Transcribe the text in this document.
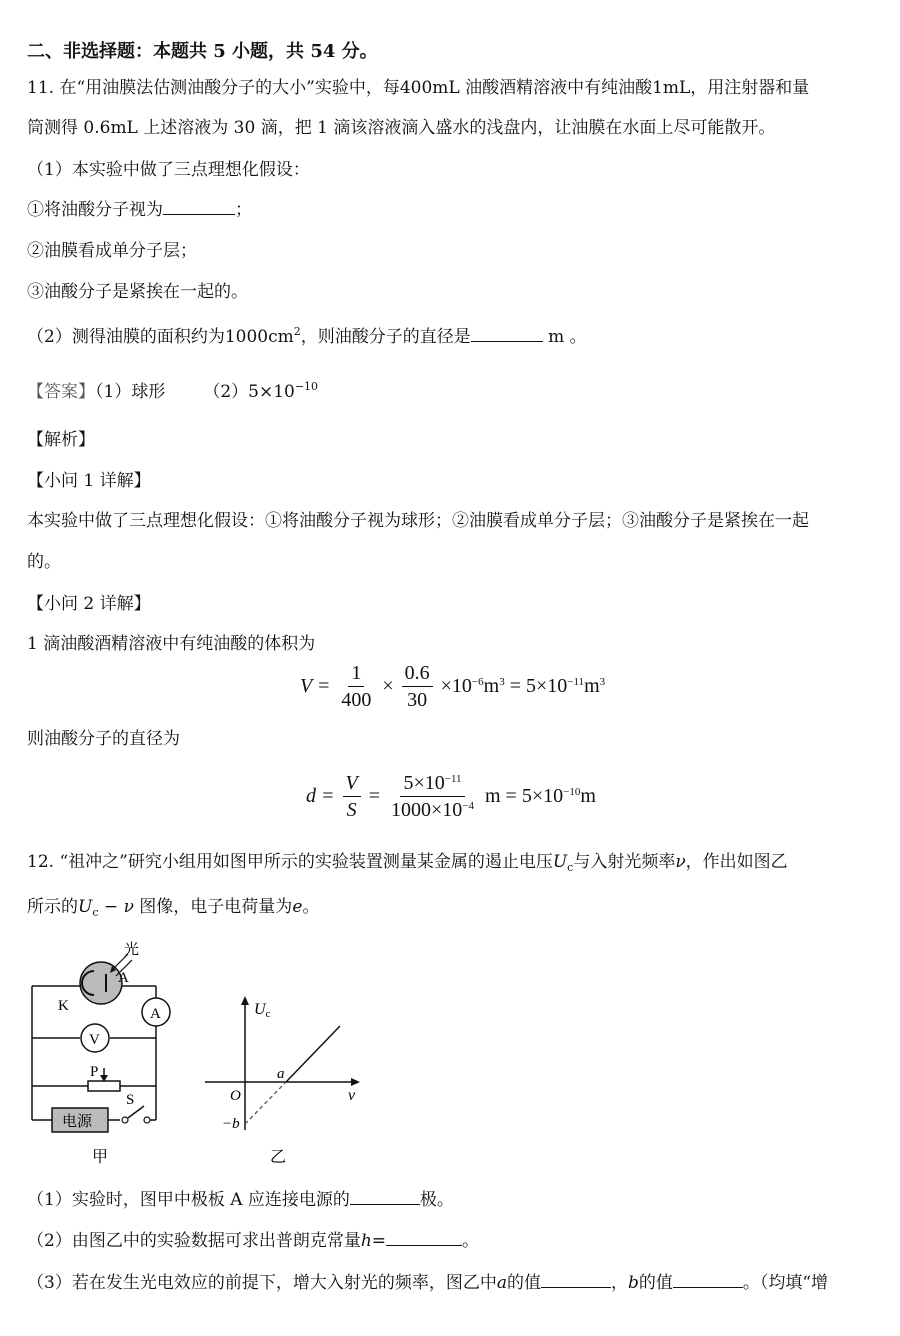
二、非选择题：本题共 5 小题，共 54 分。
11. 在“用油膜法估测油酸分子的大小”实验中，每400mL 油酸酒精溶液中有纯油酸1mL，用注射器和量
筒测得 0.6mL 上述溶液为 30 滴，把 1 滴该溶液滴入盛水的浅盘内，让油膜在水面上尽可能散开。
（1）本实验中做了三点理想化假设：
①将油酸分子视为	；
②油膜看成单分子层；
③油酸分子是紧挨在一起的。
（2）测得油膜的面积约为$1000cm^2$，则油酸分子的直径是	m 。
【答案】（1）球形 $(2)5\times 10^{-10}$
【解析】
【小问 1 详解】
本实验中做了三点理想化假设：①将油酸分子视为球形；②油膜看成单分子层；③油酸分子是紧挨在一起
的。
【小问 2 详解】
1 滴油酸酒精溶液中有纯油酸的体积为
$V = \frac{1}{400} \times \frac{0.6}{30} \times 10^{-6}m^3 = 5\times 10^{-11}m^3$
则油酸分子的直径为
$d = \frac{V}{S} = \frac{5\times 10^{-11}}{1000\times 10^{-4}}$ $m = 5\times 10^{-10}m$
12. “祖冲之”研究小组用如图甲所示的实验装置测量某金属的遏止电压$U_c$与入射光频率ν，作出如图乙
所示的$U_c - \nu$ 图像，电子电荷量为e。
光
A
K	A
V
P
S
电源
甲
Uc
O	ν
a
−b
乙
（1）实验时，图甲中极板 A 应连接电源的	极。
（2）由图乙中的实验数据可求出普朗克常量h=	。
（3）若在发生光电效应的前提下，增大入射光的频率，图乙中a的值	，b的值	。（均填“增
